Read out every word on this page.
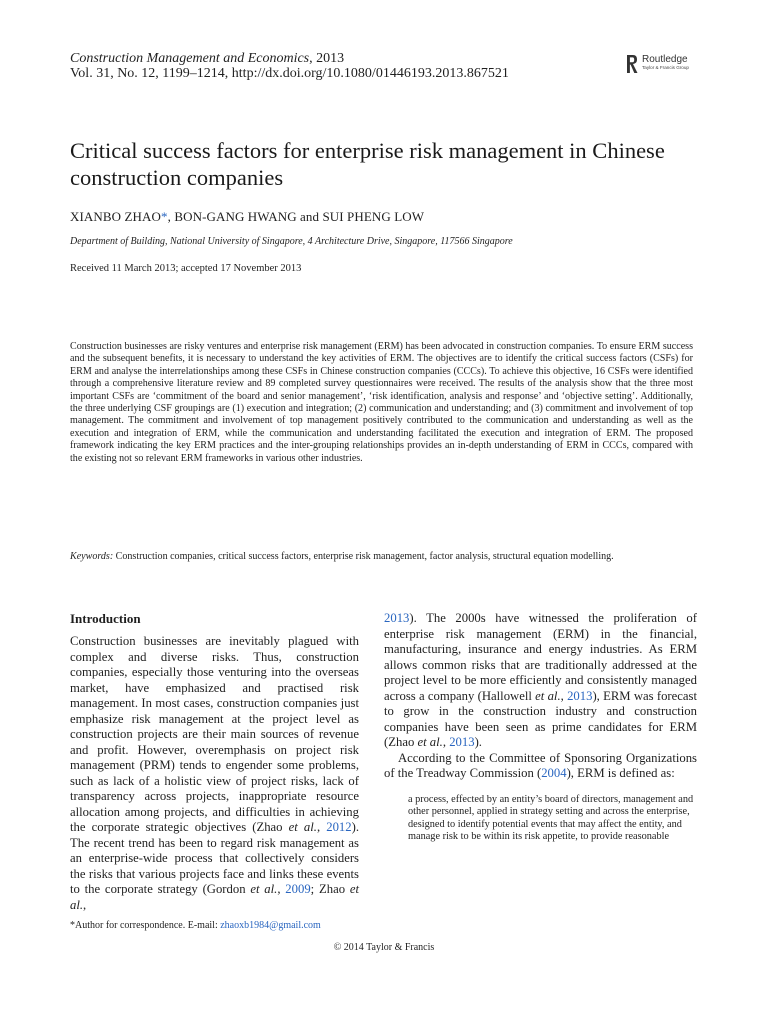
Construction Management and Economics, 2013
Vol. 31, No. 12, 1199–1214, http://dx.doi.org/10.1080/01446193.2013.867521
Routledge
Taylor & Francis Group
Critical success factors for enterprise risk management in Chinese construction companies
XIANBO ZHAO*, BON-GANG HWANG and SUI PHENG LOW
Department of Building, National University of Singapore, 4 Architecture Drive, Singapore, 117566 Singapore
Received 11 March 2013; accepted 17 November 2013

Construction businesses are risky ventures and enterprise risk management (ERM) has been advocated in construction companies. To ensure ERM success and the subsequent benefits, it is necessary to understand the key activities of ERM. The objectives are to identify the critical success factors (CSFs) for ERM and analyse the interrelationships among these CSFs in Chinese construction companies (CCCs). To achieve this objective, 16 CSFs were identified through a comprehensive literature review and 89 completed survey questionnaires were received. The results of the analysis show that the three most important CSFs are ‘commitment of the board and senior management’, ‘risk identification, analysis and response’ and ‘objective setting’. Additionally, the three underlying CSF groupings are (1) execution and integration; (2) communication and understanding; and (3) commitment and involvement of top management. The commitment and involvement of top management positively contributed to the communication and understanding as well as the execution and integration of ERM, while the communication and understanding facilitated the execution and integration of ERM. The proposed framework indicating the key ERM practices and the inter-grouping relationships provides an in-depth understanding of ERM in CCCs, compared with the existing not so relevant ERM frameworks in various other industries.

Keywords: Construction companies, critical success factors, enterprise risk management, factor analysis, structural equation modelling.

Introduction

Construction businesses are inevitably plagued with complex and diverse risks. Thus, construction companies, especially those venturing into the overseas market, have emphasized and practised risk management. In most cases, construction companies just emphasize risk management at the project level as construction projects are their main sources of revenue and profit. However, overemphasis on project risk management (PRM) tends to engender some problems, such as lack of a holistic view of project risks, lack of transparency across projects, inappropriate resource allocation among projects, and difficulties in achieving the corporate strategic objectives (Zhao et al., 2012). The recent trend has been to regard risk management as an enterprise-wide process that collectively considers the risks that various projects face and links these events to the corporate strategy (Gordon et al., 2009; Zhao et al.,

2013). The 2000s have witnessed the proliferation of enterprise risk management (ERM) in the financial, manufacturing, insurance and energy industries. As ERM allows common risks that are traditionally addressed at the project level to be more efficiently and consistently managed across a company (Hallowell et al., 2013), ERM was forecast to grow in the construction industry and construction companies have been seen as prime candidates for ERM (Zhao et al., 2013).

According to the Committee of Sponsoring Organizations of the Treadway Commission (2004), ERM is defined as:

a process, effected by an entity’s board of directors, management and other personnel, applied in strategy setting and across the enterprise, designed to identify potential events that may affect the entity, and manage risk to be within its risk appetite, to provide reasonable

*Author for correspondence. E-mail: zhaoxb1984@gmail.com
© 2014 Taylor & Francis
